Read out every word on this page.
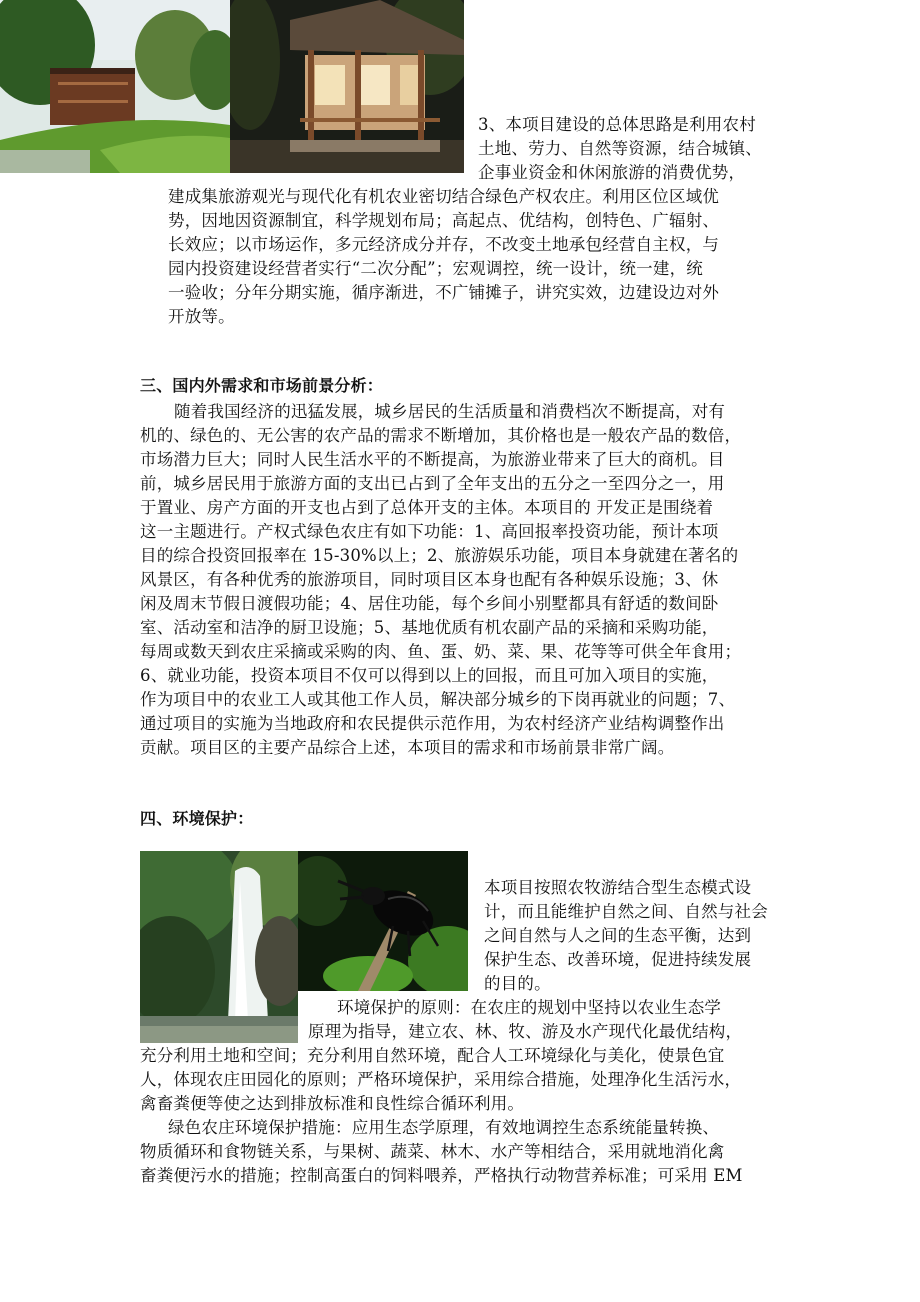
3、本项目建设的总体思路是利用农村
土地、劳力、自然等资源，结合城镇、
企事业资金和休闲旅游的消费优势，
建成集旅游观光与现代化有机农业密切结合绿色产权农庄。利用区位区域优
势，因地因资源制宜，科学规划布局；高起点、优结构，创特色、广辐射、
长效应；以市场运作，多元经济成分并存，不改变土地承包经营自主权，与
园内投资建设经营者实行“二次分配”；宏观调控，统一设计，统一建，统
一验收；分年分期实施，循序渐进，不广铺摊子，讲究实效，边建设边对外
开放等。
三、国内外需求和市场前景分析：
随着我国经济的迅猛发展，城乡居民的生活质量和消费档次不断提高，对有
机的、绿色的、无公害的农产品的需求不断增加，其价格也是一般农产品的数倍，
市场潜力巨大；同时人民生活水平的不断提高，为旅游业带来了巨大的商机。目
前，城乡居民用于旅游方面的支出已占到了全年支出的五分之一至四分之一，用
于置业、房产方面的开支也占到了总体开支的主体。本项目的 开发正是围绕着
这一主题进行。产权式绿色农庄有如下功能：1、高回报率投资功能，预计本项
目的综合投资回报率在 15-30%以上；2、旅游娱乐功能，项目本身就建在著名的
风景区，有各种优秀的旅游项目，同时项目区本身也配有各种娱乐设施；3、休
闲及周末节假日渡假功能；4、居住功能，每个乡间小别墅都具有舒适的数间卧
室、活动室和洁净的厨卫设施；5、基地优质有机农副产品的采摘和采购功能，
每周或数天到农庄采摘或采购的肉、鱼、蛋、奶、菜、果、花等等可供全年食用；
6、就业功能，投资本项目不仅可以得到以上的回报，而且可加入项目的实施，
作为项目中的农业工人或其他工作人员，解决部分城乡的下岗再就业的问题；7、
通过项目的实施为当地政府和农民提供示范作用，为农村经济产业结构调整作出
贡献。项目区的主要产品综合上述，本项目的需求和市场前景非常广阔。
四、环境保护：
本项目按照农牧游结合型生态模式设
计，而且能维护自然之间、自然与社会
之间自然与人之间的生态平衡，达到
保护生态、改善环境，促进持续发展
的目的。
环境保护的原则：在农庄的规划中坚持以农业生态学
原理为指导，建立农、林、牧、游及水产现代化最优结构，
充分利用土地和空间；充分利用自然环境，配合人工环境绿化与美化，使景色宜
人，体现农庄田园化的原则；严格环境保护，采用综合措施，处理净化生活污水，
禽畜粪便等使之达到排放标准和良性综合循环利用。
绿色农庄环境保护措施：应用生态学原理，有效地调控生态系统能量转换、
物质循环和食物链关系，与果树、蔬菜、林木、水产等相结合，采用就地消化禽
畜粪便污水的措施；控制高蛋白的饲料喂养，严格执行动物营养标准；可采用 EM
